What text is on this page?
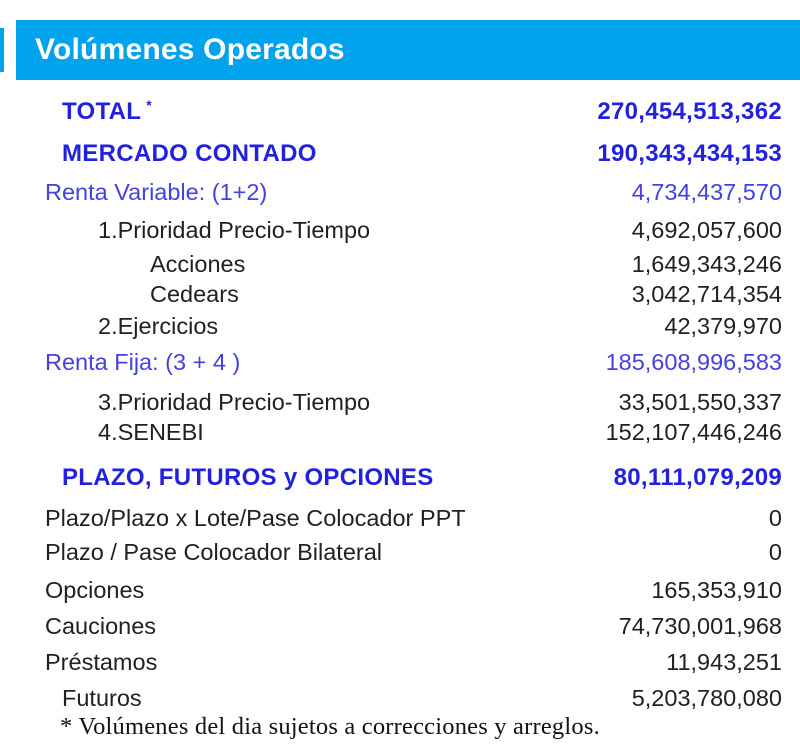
Volúmenes Operados
TOTAL *	270,454,513,362
MERCADO CONTADO	190,343,434,153
Renta Variable: (1+2)	4,734,437,570
1.Prioridad Precio-Tiempo	4,692,057,600
Acciones	1,649,343,246
Cedears	3,042,714,354
2.Ejercicios	42,379,970
Renta Fija: (3 + 4 )	185,608,996,583
3.Prioridad Precio-Tiempo	33,501,550,337
4.SENEBI	152,107,446,246
PLAZO, FUTUROS y OPCIONES	80,111,079,209
Plazo/Plazo x Lote/Pase Colocador PPT	0
Plazo / Pase Colocador Bilateral	0
Opciones	165,353,910
Cauciones	74,730,001,968
Préstamos	11,943,251
Futuros	5,203,780,080
* Volúmenes del dia sujetos a correcciones y arreglos.
